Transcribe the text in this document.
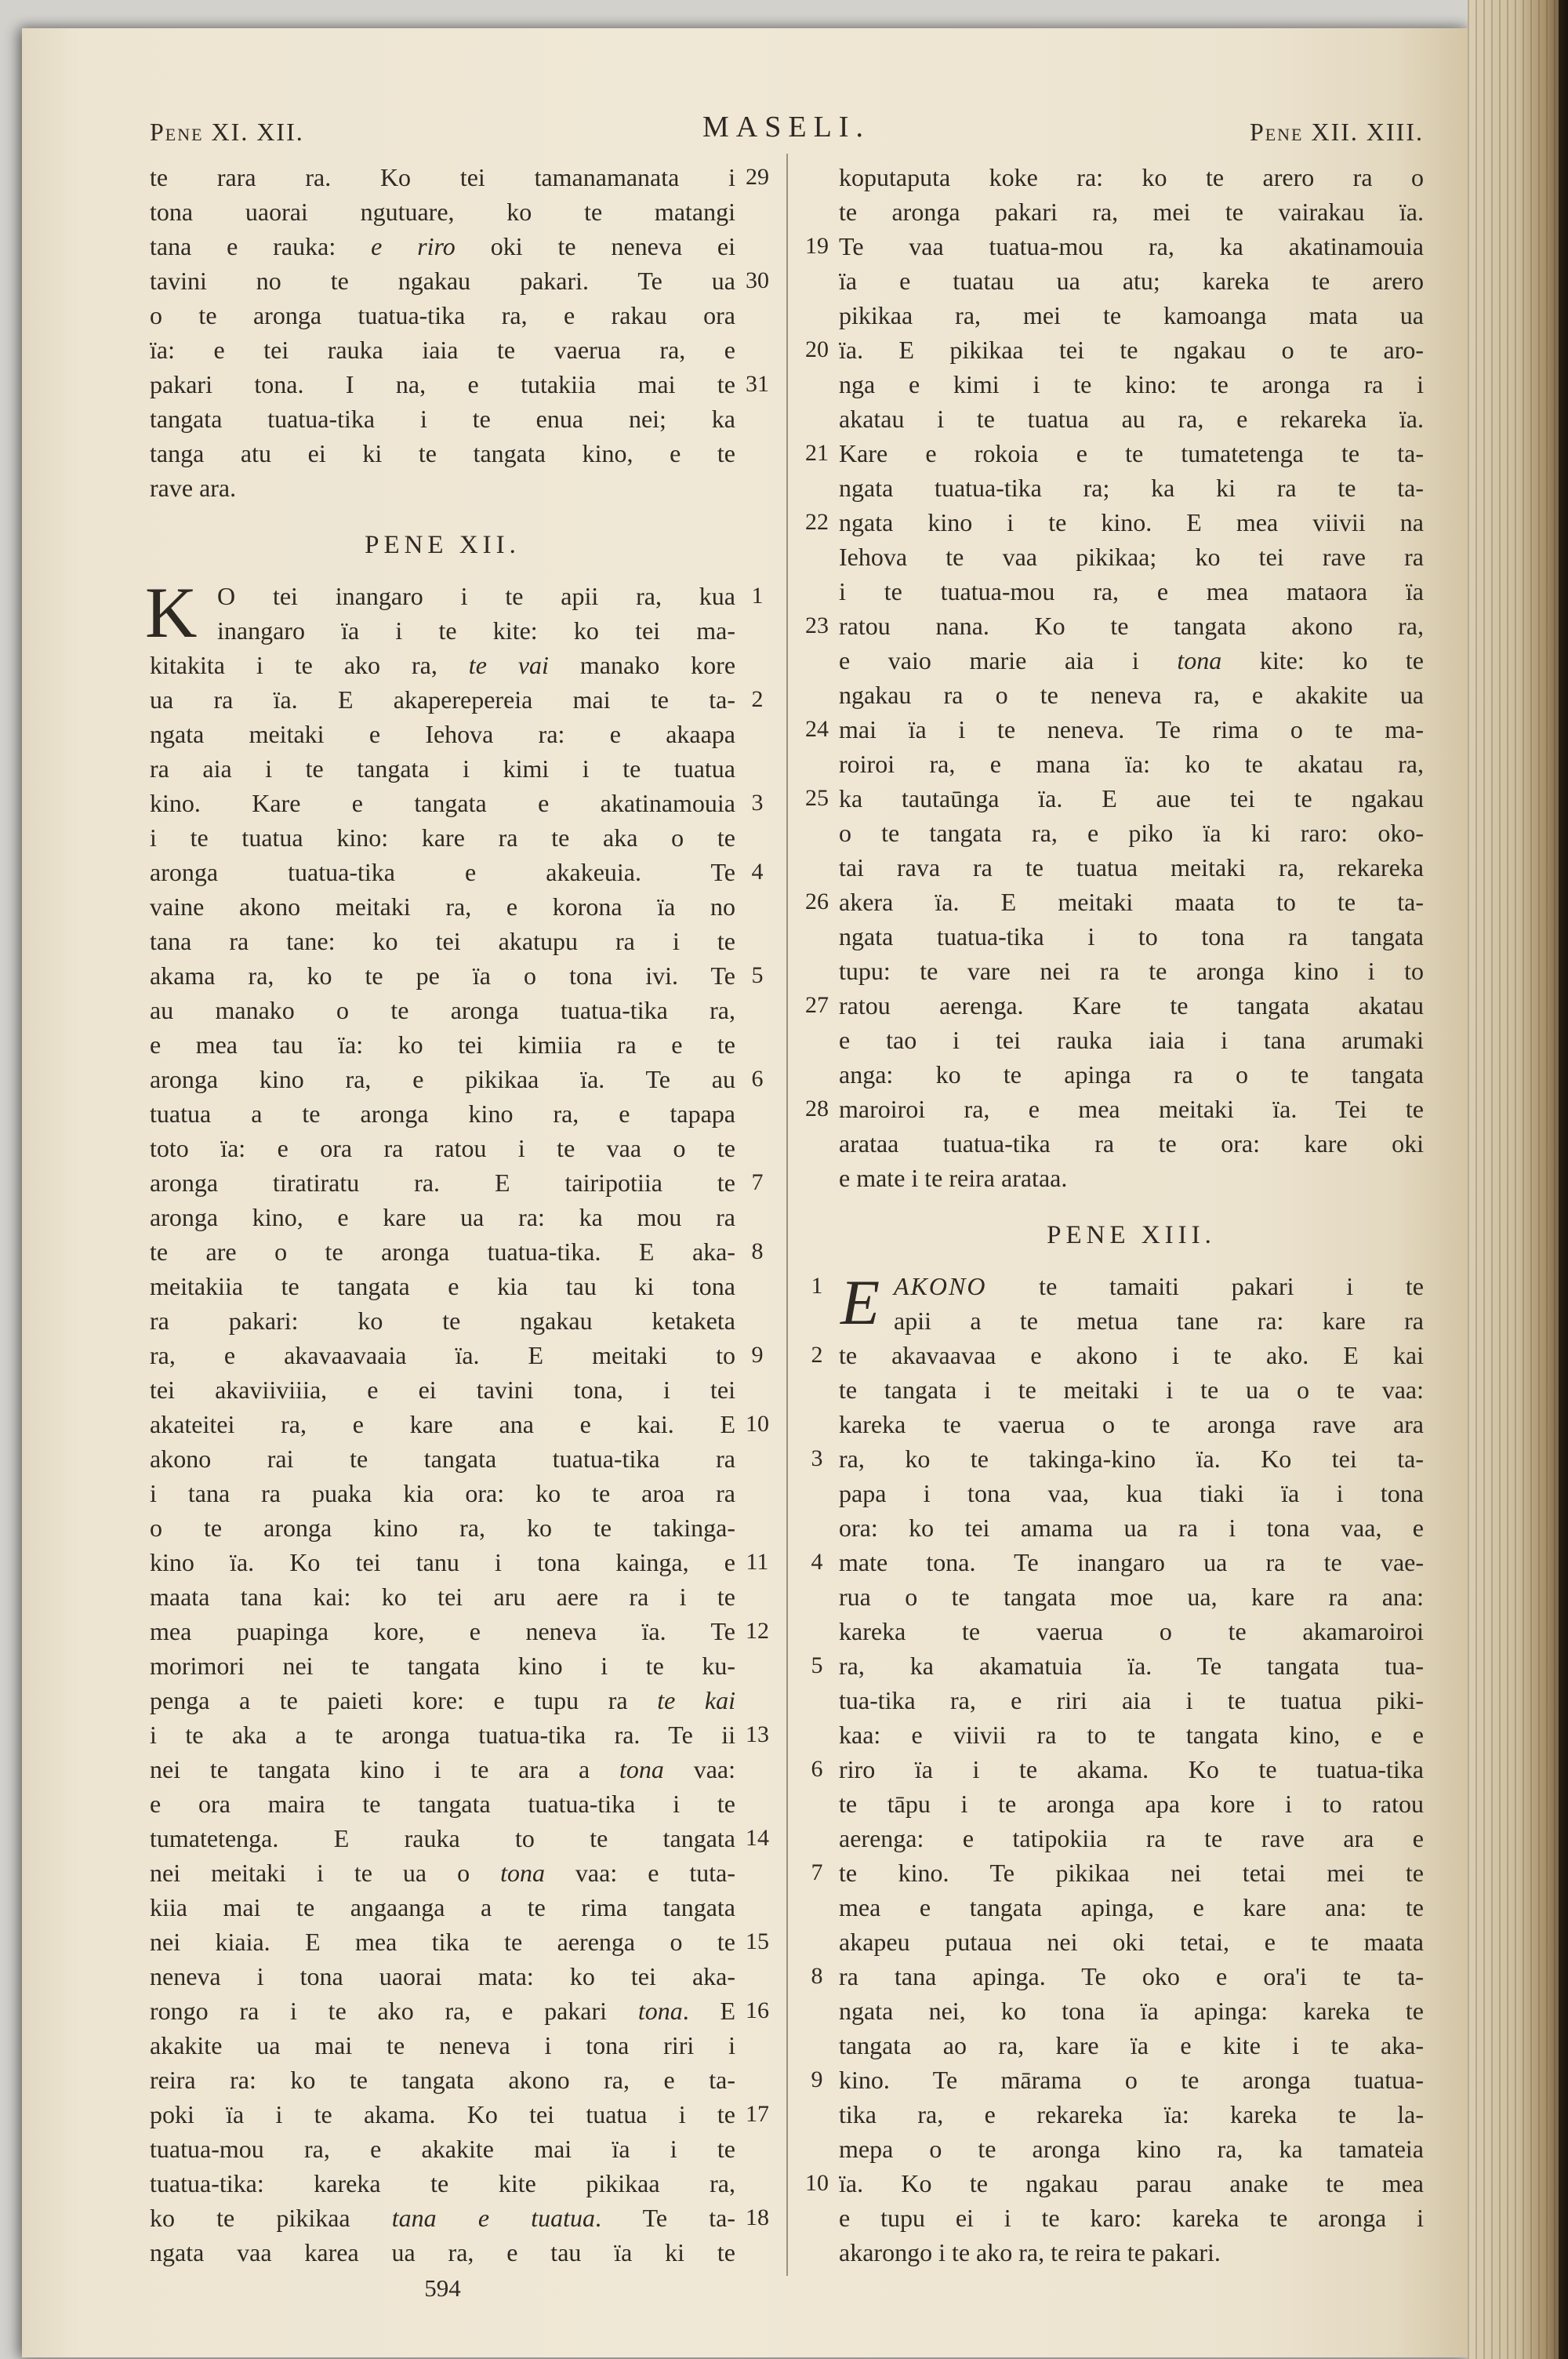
Pene XI. XII.	MASELI.	Pene XII. XIII.
te rara ra. Ko tei tamanamanata i 29
tona uaorai ngutuare, ko te matangi
tana e rauka: e riro oki te neneva ei
tavini no te ngakau pakari. Te ua 30
o te aronga tuatua-tika ra, e rakau ora
ïa: e tei rauka iaia te vaerua ra, e
pakari tona. I na, e tutakiia mai te 31
tangata tuatua-tika i te enua nei; ka
tanga atu ei ki te tangata kino, e te
rave ara.
PENE XII.
K O tei inangaro i te apii ra, kua 1
inangaro ïa i te kite: ko tei ma-
kitakita i te ako ra, te vai manako kore
ua ra ïa. E akaperepereia mai te ta- 2
ngata meitaki e Iehova ra: e akaapa
ra aia i te tangata i kimi i te tuatua
kino. Kare e tangata e akatinamouia 3
i te tuatua kino: kare ra te aka o te
aronga tuatua-tika e akakeuia. Te 4
vaine akono meitaki ra, e korona ïa no
tana ra tane: ko tei akatupu ra i te
akama ra, ko te pe ïa o tona ivi. Te 5
au manako o te aronga tuatua-tika ra,
e mea tau ïa: ko tei kimiia ra e te
aronga kino ra, e pikikaa ïa. Te au 6
tuatua a te aronga kino ra, e tapapa
toto ïa: e ora ra ratou i te vaa o te
aronga tiratiratu ra. E tairipotiia te 7
aronga kino, e kare ua ra: ka mou ra
te are o te aronga tuatua-tika. E aka- 8
meitakiia te tangata e kia tau ki tona
ra pakari: ko te ngakau ketaketa
ra, e akavaavaaia ïa. E meitaki to 9
tei akaviiviiia, e ei tavini tona, i tei
akateitei ra, e kare ana e kai. E 10
akono rai te tangata tuatua-tika ra
i tana ra puaka kia ora: ko te aroa ra
o te aronga kino ra, ko te takinga-
kino ïa. Ko tei tanu i tona kainga, e 11
maata tana kai: ko tei aru aere ra i te
mea puapinga kore, e neneva ïa. Te 12
morimori nei te tangata kino i te ku-
penga a te paieti kore: e tupu ra te kai
i te aka a te aronga tuatua-tika ra. Te ii 13
nei te tangata kino i te ara a tona vaa:
e ora maira te tangata tuatua-tika i te
tumatetenga. E rauka to te tangata 14
nei meitaki i te ua o tona vaa: e tuta-
kiia mai te angaanga a te rima tangata
nei kiaia. E mea tika te aerenga o te 15
neneva i tona uaorai mata: ko tei aka-
rongo ra i te ako ra, e pakari tona. E 16
akakite ua mai te neneva i tona riri i
reira ra: ko te tangata akono ra, e ta-
poki ïa i te akama. Ko tei tuatua i te 17
tuatua-mou ra, e akakite mai ïa i te
tuatua-tika: kareka te kite pikikaa ra,
ko te pikikaa tana e tuatua. Te ta- 18
ngata vaa karea ua ra, e tau ïa ki te
koputaputa koke ra: ko te arero ra o
te aronga pakari ra, mei te vairakau ïa.
19 Te vaa tuatua-mou ra, ka akatinamouia
ïa e tuatau ua atu; kareka te arero
pikikaa ra, mei te kamoanga mata ua
20 ïa. E pikikaa tei te ngakau o te aro-
nga e kimi i te kino: te aronga ra i
akatau i te tuatua au ra, e rekareka ïa.
21 Kare e rokoia e te tumatetenga te ta-
ngata tuatua-tika ra; ka ki ra te ta-
22 ngata kino i te kino. E mea viivii na
Iehova te vaa pikikaa; ko tei rave ra
i te tuatua-mou ra, e mea mataora ïa
23 ratou nana. Ko te tangata akono ra,
e vaio marie aia i tona kite: ko te
ngakau ra o te neneva ra, e akakite ua
24 mai ïa i te neneva. Te rima o te ma-
roiroi ra, e mana ïa: ko te akatau ra,
25 ka tautaūnga ïa. E aue tei te ngakau
o te tangata ra, e piko ïa ki raro: oko-
tai rava ra te tuatua meitaki ra, rekareka
26 akera ïa. E meitaki maata to te ta-
ngata tuatua-tika i to tona ra tangata
tupu: te vare nei ra te aronga kino i to
27 ratou aerenga. Kare te tangata akatau
e tao i tei rauka iaia i tana arumaki
anga: ko te apinga ra o te tangata
28 maroiroi ra, e mea meitaki ïa. Tei te
arataa tuatua-tika ra te ora: kare oki
e mate i te reira arataa.
PENE XIII.
E
1	AKONO te tamaiti pakari i te
apii a te metua tane ra: kare ra
2 te akavaavaa e akono i te ako. E kai
te tangata i te meitaki i te ua o te vaa:
kareka te vaerua o te aronga rave ara
3 ra, ko te takinga-kino ïa. Ko tei ta-
papa i tona vaa, kua tiaki ïa i tona
ora: ko tei amama ua ra i tona vaa, e
4 mate tona. Te inangaro ua ra te vae-
rua o te tangata moe ua, kare ra ana:
kareka te vaerua o te akamaroiroi
5 ra, ka akamatuia ïa. Te tangata tua-
tua-tika ra, e riri aia i te tuatua piki-
kaa: e viivii ra to te tangata kino, e e
6 riro ïa i te akama. Ko te tuatua-tika
te tāpu i te aronga apa kore i to ratou
aerenga: e tatipokiia ra te rave ara e
7 te kino. Te pikikaa nei tetai mei te
mea e tangata apinga, e kare ana: te
akapeu putaua nei oki tetai, e te maata
8 ra tana apinga. Te oko e ora'i te ta-
ngata nei, ko tona ïa apinga: kareka te
tangata ao ra, kare ïa e kite i te aka-
9 kino. Te mārama o te aronga tuatua-
tika ra, e rekareka ïa: kareka te la-
mepa o te aronga kino ra, ka tamateia
10 ïa. Ko te ngakau parau anake te mea
e tupu ei i te karo: kareka te aronga i
akarongo i te ako ra, te reira te pakari.
594
